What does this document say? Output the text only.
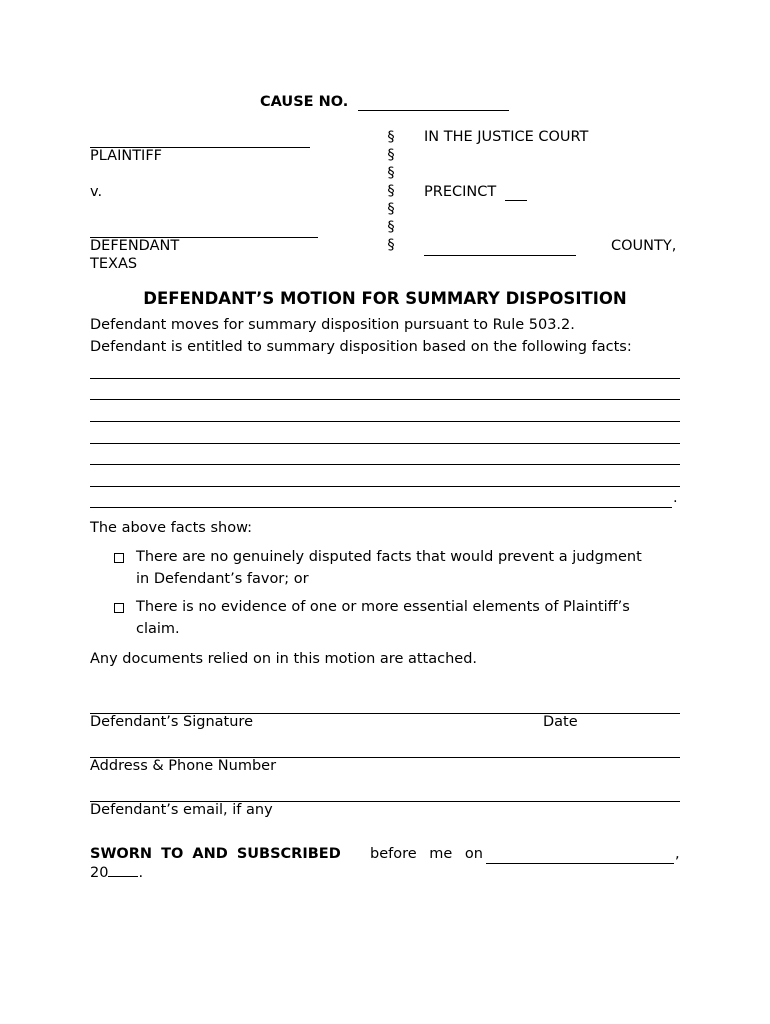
CAUSE NO.
PLAINTIFF
v.
DEFENDANT
TEXAS
§
§
§
§
§
§
§
IN THE JUSTICE COURT
PRECINCT
COUNTY,
DEFENDANT’S MOTION FOR SUMMARY DISPOSITION
Defendant moves for summary disposition pursuant to Rule 503.2.
Defendant is entitled to summary disposition based on the following facts:
.
The above facts show:
There are no genuinely disputed facts that would prevent a judgment
in Defendant’s favor; or
There is no evidence of one or more essential elements of Plaintiff’s
claim.
Any documents relied on in this motion are attached.
Defendant’s Signature	Date
Address & Phone Number
Defendant’s email, if any
SWORN TO AND SUBSCRIBED before me on	,
20 .
